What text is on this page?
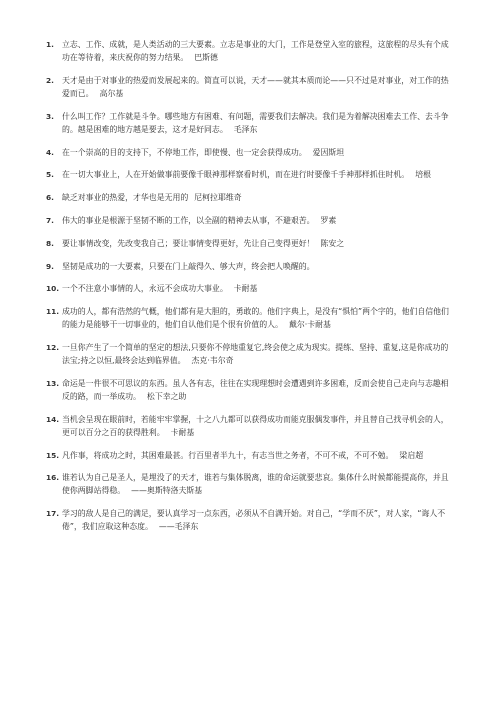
1.	立志、工作、成就，是人类活动的三大要素。立志是事业的大门，工作是登堂入室的旅程，这旅程的尽头有个成功在等待着，来庆祝你的努力结果。 巴斯德
2.	天才是由于对事业的热爱而发展起来的。简直可以说，天才——就其本质而论——只不过是对事业，对工作的热爱而已。 高尔基
3.	什么叫工作？工作就是斗争。哪些地方有困难、有问题，需要我们去解决。我们是为着解决困难去工作、去斗争的。越是困难的地方越是要去，这才是好同志。 毛泽东
4.	在一个崇高的目的支持下，不停地工作，即使慢、也一定会获得成功。 爱因斯坦
5.	在一切大事业上，人在开始做事前要像千眼神那样察看时机，而在进行时要像千手神那样抓住时机。 培根
6.	缺乏对事业的热爱，才华也是无用的 尼柯拉耶维奇
7.	伟大的事业是根源于坚韧不断的工作，以全副的精神去从事，不避艰苦。 罗素
8.	要让事情改变，先改变我自己；要让事情变得更好，先让自己变得更好！ 陈安之
9.	坚韧是成功的一大要素，只要在门上敲得久、够大声，终会把人唤醒的。
10. 一个不注意小事情的人，永远不会成功大事业。 卡耐基
11. 成功的人，都有浩然的气概，他们都有是大胆的，勇敢的。他们字典上，是没有“惧怕”两个字的，他们自信他们的能力是能够干一切事业的，他们自认他们是个很有价值的人。 戴尔·卡耐基
12. 一旦你产生了一个简单的坚定的想法,只要你不停地重复它,终会使之成为现实。提练、坚持、重复,这是你成功的法宝;持之以恒,最终会达到临界值。 杰克·韦尔奇
13. 命运是一件很不可思议的东西。虽人各有志，往往在实现理想时会遭遇到许多困难，反而会使自己走向与志趣相反的路，而一举成功。 松下幸之助
14. 当机会呈现在眼前时，若能牢牢掌握，十之八九都可以获得成功而能克服偶发事件，并且替自己找寻机会的人，更可以百分之百的获得胜利。 卡耐基
15. 凡作事，将成功之时，其困难最甚。行百里者半九十，有志当世之务者，不可不戒，不可不勉。 梁启超
16. 谁若认为自己是圣人，是埋没了的天才，谁若与集体脱离，谁的命运就要悲哀。集体什么时候都能提高你，并且使你两脚站得稳。 ——奥斯特洛夫斯基
17. 学习的敌人是自己的满足，要认真学习一点东西，必须从不自满开始。对自己，“学而不厌”，对人家，“诲人不倦”，我们应取这种态度。 ——毛泽东
